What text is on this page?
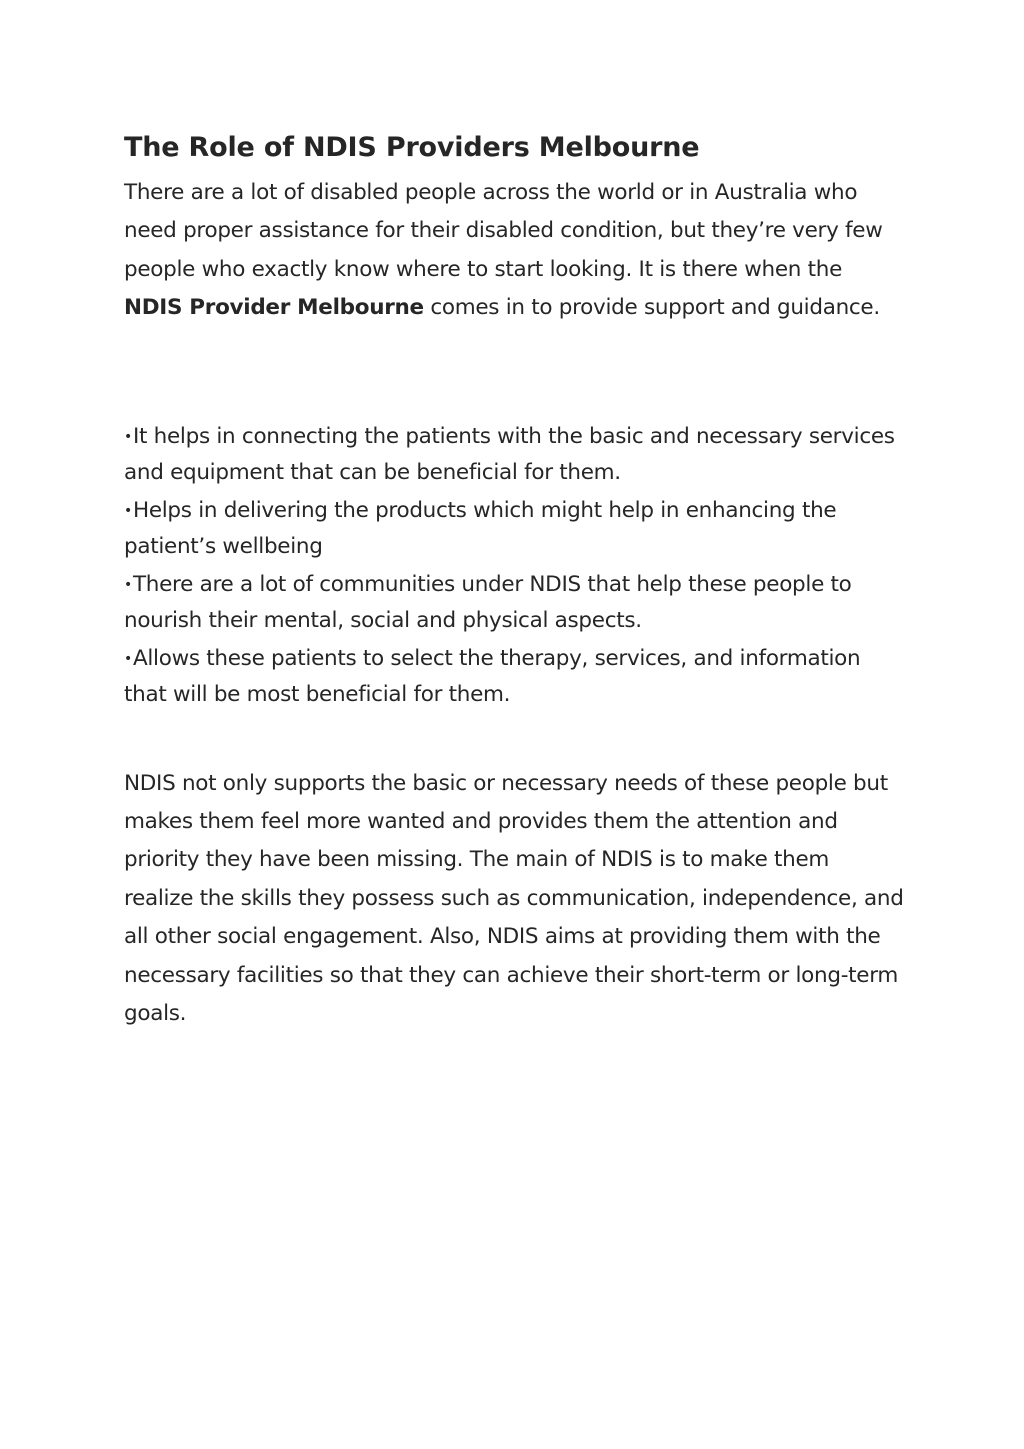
The Role of NDIS Providers Melbourne

There are a lot of disabled people across the world or in Australia who need proper assistance for their disabled condition, but they’re very few people who exactly know where to start looking. It is there when the NDIS Provider Melbourne comes in to provide support and guidance.

•It helps in connecting the patients with the basic and necessary services and equipment that can be beneficial for them.
•Helps in delivering the products which might help in enhancing the patient’s wellbeing
•There are a lot of communities under NDIS that help these people to nourish their mental, social and physical aspects.
•Allows these patients to select the therapy, services, and information that will be most beneficial for them.

NDIS not only supports the basic or necessary needs of these people but makes them feel more wanted and provides them the attention and priority they have been missing. The main of NDIS is to make them realize the skills they possess such as communication, independence, and all other social engagement. Also, NDIS aims at providing them with the necessary facilities so that they can achieve their short-term or long-term goals.
